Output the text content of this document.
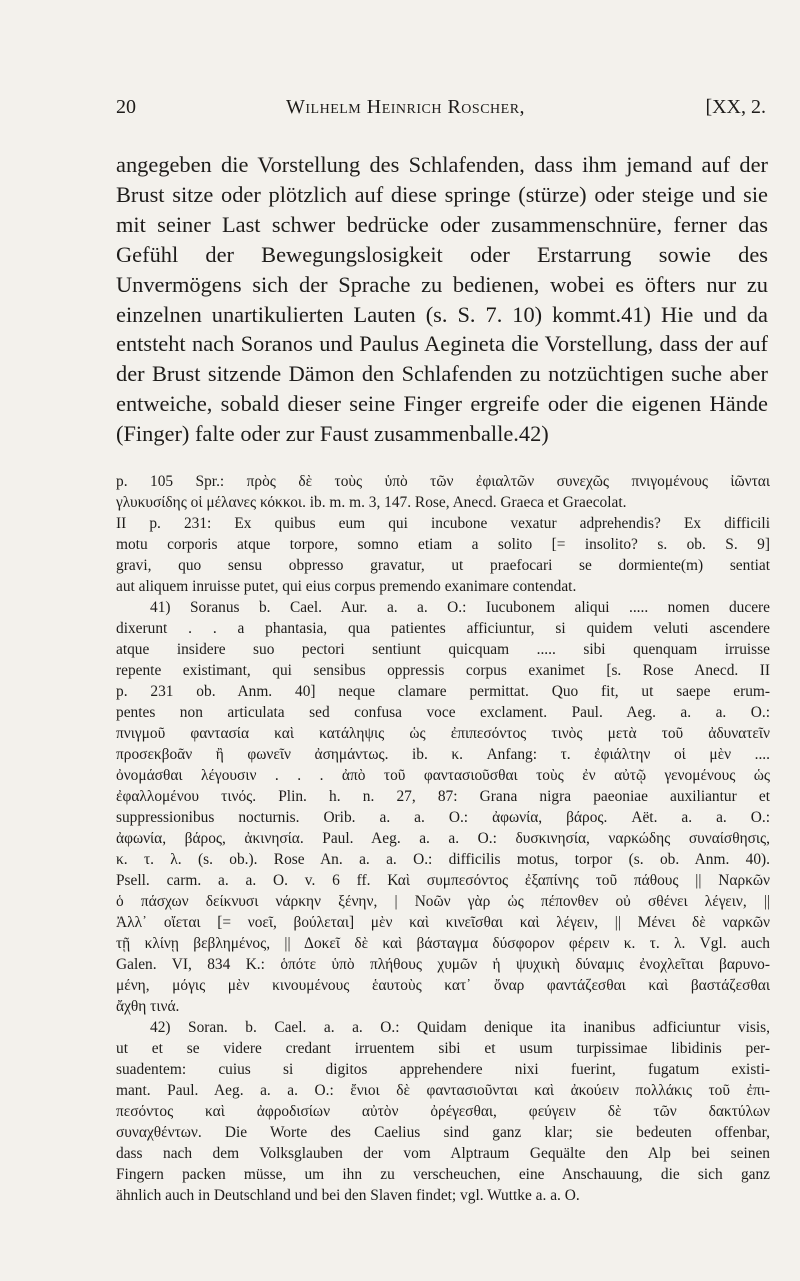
20	Wilhelm Heinrich Roscher,	[XX, 2.

angegeben die Vorstellung des Schlafenden, dass ihm jemand auf der Brust sitze oder plötzlich auf diese springe (stürze) oder steige und sie mit seiner Last schwer bedrücke oder zusammenschnüre, ferner das Gefühl der Bewegungslosigkeit oder Erstarrung sowie des Unvermögens sich der Sprache zu bedienen, wobei es öfters nur zu einzelnen unartikulierten Lauten (s. S. 7. 10) kommt.41) Hie und da entsteht nach Soranos und Paulus Aegineta die Vorstellung, dass der auf der Brust sitzende Dämon den Schlafenden zu notzüchtigen suche aber entweiche, sobald dieser seine Finger ergreife oder die eigenen Hände (Finger) falte oder zur Faust zusammenballe.42)

p. 105 Spr.: πρὸς δὲ τοὺς ὑπὸ τῶν ἐφιαλτῶν συνεχῶς πνιγομένους ἰῶνται
γλυκυσίδης οἱ μέλανες κόκκοι. ib. m. m. 3, 147. Rose, Anecd. Graeca et Graecolat.
II p. 231: Ex quibus eum qui incubone vexatur adprehendis? Ex difficili
motu corporis atque torpore, somno etiam a solito [= insolito? s. ob. S. 9]
gravi, quo sensu obpresso gravatur, ut praefocari se dormiente(m) sentiat
aut aliquem inruisse putet, qui eius corpus premendo exanimare contendat.
41) Soranus b. Cael. Aur. a. a. O.: Iucubonem aliqui ..... nomen ducere
dixerunt . . a phantasia, qua patientes afficiuntur, si quidem veluti ascendere
atque insidere suo pectori sentiunt quicquam ..... sibi quenquam irruisse
repente existimant, qui sensibus oppressis corpus exanimet [s. Rose Anecd. II
p. 231 ob. Anm. 40] neque clamare permittat. Quo fit, ut saepe erum-
pentes non articulata sed confusa voce exclament. Paul. Aeg. a. a. O.:
πνιγμοῦ φαντασία καὶ κατάληψις ὡς ἐπιπεσόντος τινὸς μετὰ τοῦ ἀδυνατεῖν
προσεκβοᾶν ἢ φωνεῖν ἀσημάντως. ib. κ. Anfang: τ. ἐφιάλτην οἱ μὲν ....
ὀνομάσθαι λέγουσιν . . . ἀπὸ τοῦ φαντασιοῦσθαι τοὺς ἐν αὐτῷ γενομένους ὡς
ἐφαλλομένου τινός. Plin. h. n. 27, 87: Grana nigra paeoniae auxiliantur et
suppressionibus nocturnis. Orib. a. a. O.: ἀφωνία, βάρος. Aët. a. a. O.:
ἀφωνία, βάρος, ἀκινησία. Paul. Aeg. a. a. O.: δυσκινησία, ναρκώδης συναίσθησις,
κ. τ. λ. (s. ob.). Rose An. a. a. O.: difficilis motus, torpor (s. ob. Anm. 40).
Psell. carm. a. a. O. v. 6 ff. Καὶ συμπεσόντος ἐξαπίνης τοῦ πάθους || Ναρκῶν
ὁ πάσχων δείκνυσι νάρκην ξένην, | Νοῶν γὰρ ὡς πέπονθεν οὐ σθένει λέγειν, ||
Ἀλλ᾽ οἴεται [= νοεῖ, βούλεται] μὲν καὶ κινεῖσθαι καὶ λέγειν, || Μένει δὲ ναρκῶν
τῇ κλίνῃ βεβλημένος, || Δοκεῖ δὲ καὶ βάσταγμα δύσφορον φέρειν κ. τ. λ. Vgl. auch
Galen. VI, 834 K.: ὁπότε ὑπὸ πλήθους χυμῶν ἡ ψυχικὴ δύναμις ἐνοχλεῖται βαρυνο-
μένη, μόγις μὲν κινουμένους ἑαυτοὺς κατ᾽ ὄναρ φαντάζεσθαι καὶ βαστάζεσθαι
ἄχθη τινά.
42) Soran. b. Cael. a. a. O.: Quidam denique ita inanibus adficiuntur visis,
ut et se videre credant irruentem sibi et usum turpissimae libidinis per-
suadentem: cuius si digitos apprehendere nixi fuerint, fugatum existi-
mant. Paul. Aeg. a. a. O.: ἔνιοι δὲ φαντασιοῦνται καὶ ἀκούειν πολλάκις τοῦ ἐπι-
πεσόντος καὶ ἀφροδισίων αὐτὸν ὀρέγεσθαι, φεύγειν δὲ τῶν δακτύλων
συναχθέντων. Die Worte des Caelius sind ganz klar; sie bedeuten offenbar,
dass nach dem Volksglauben der vom Alptraum Gequälte den Alp bei seinen
Fingern packen müsse, um ihn zu verscheuchen, eine Anschauung, die sich ganz
ähnlich auch in Deutschland und bei den Slaven findet; vgl. Wuttke a. a. O.
